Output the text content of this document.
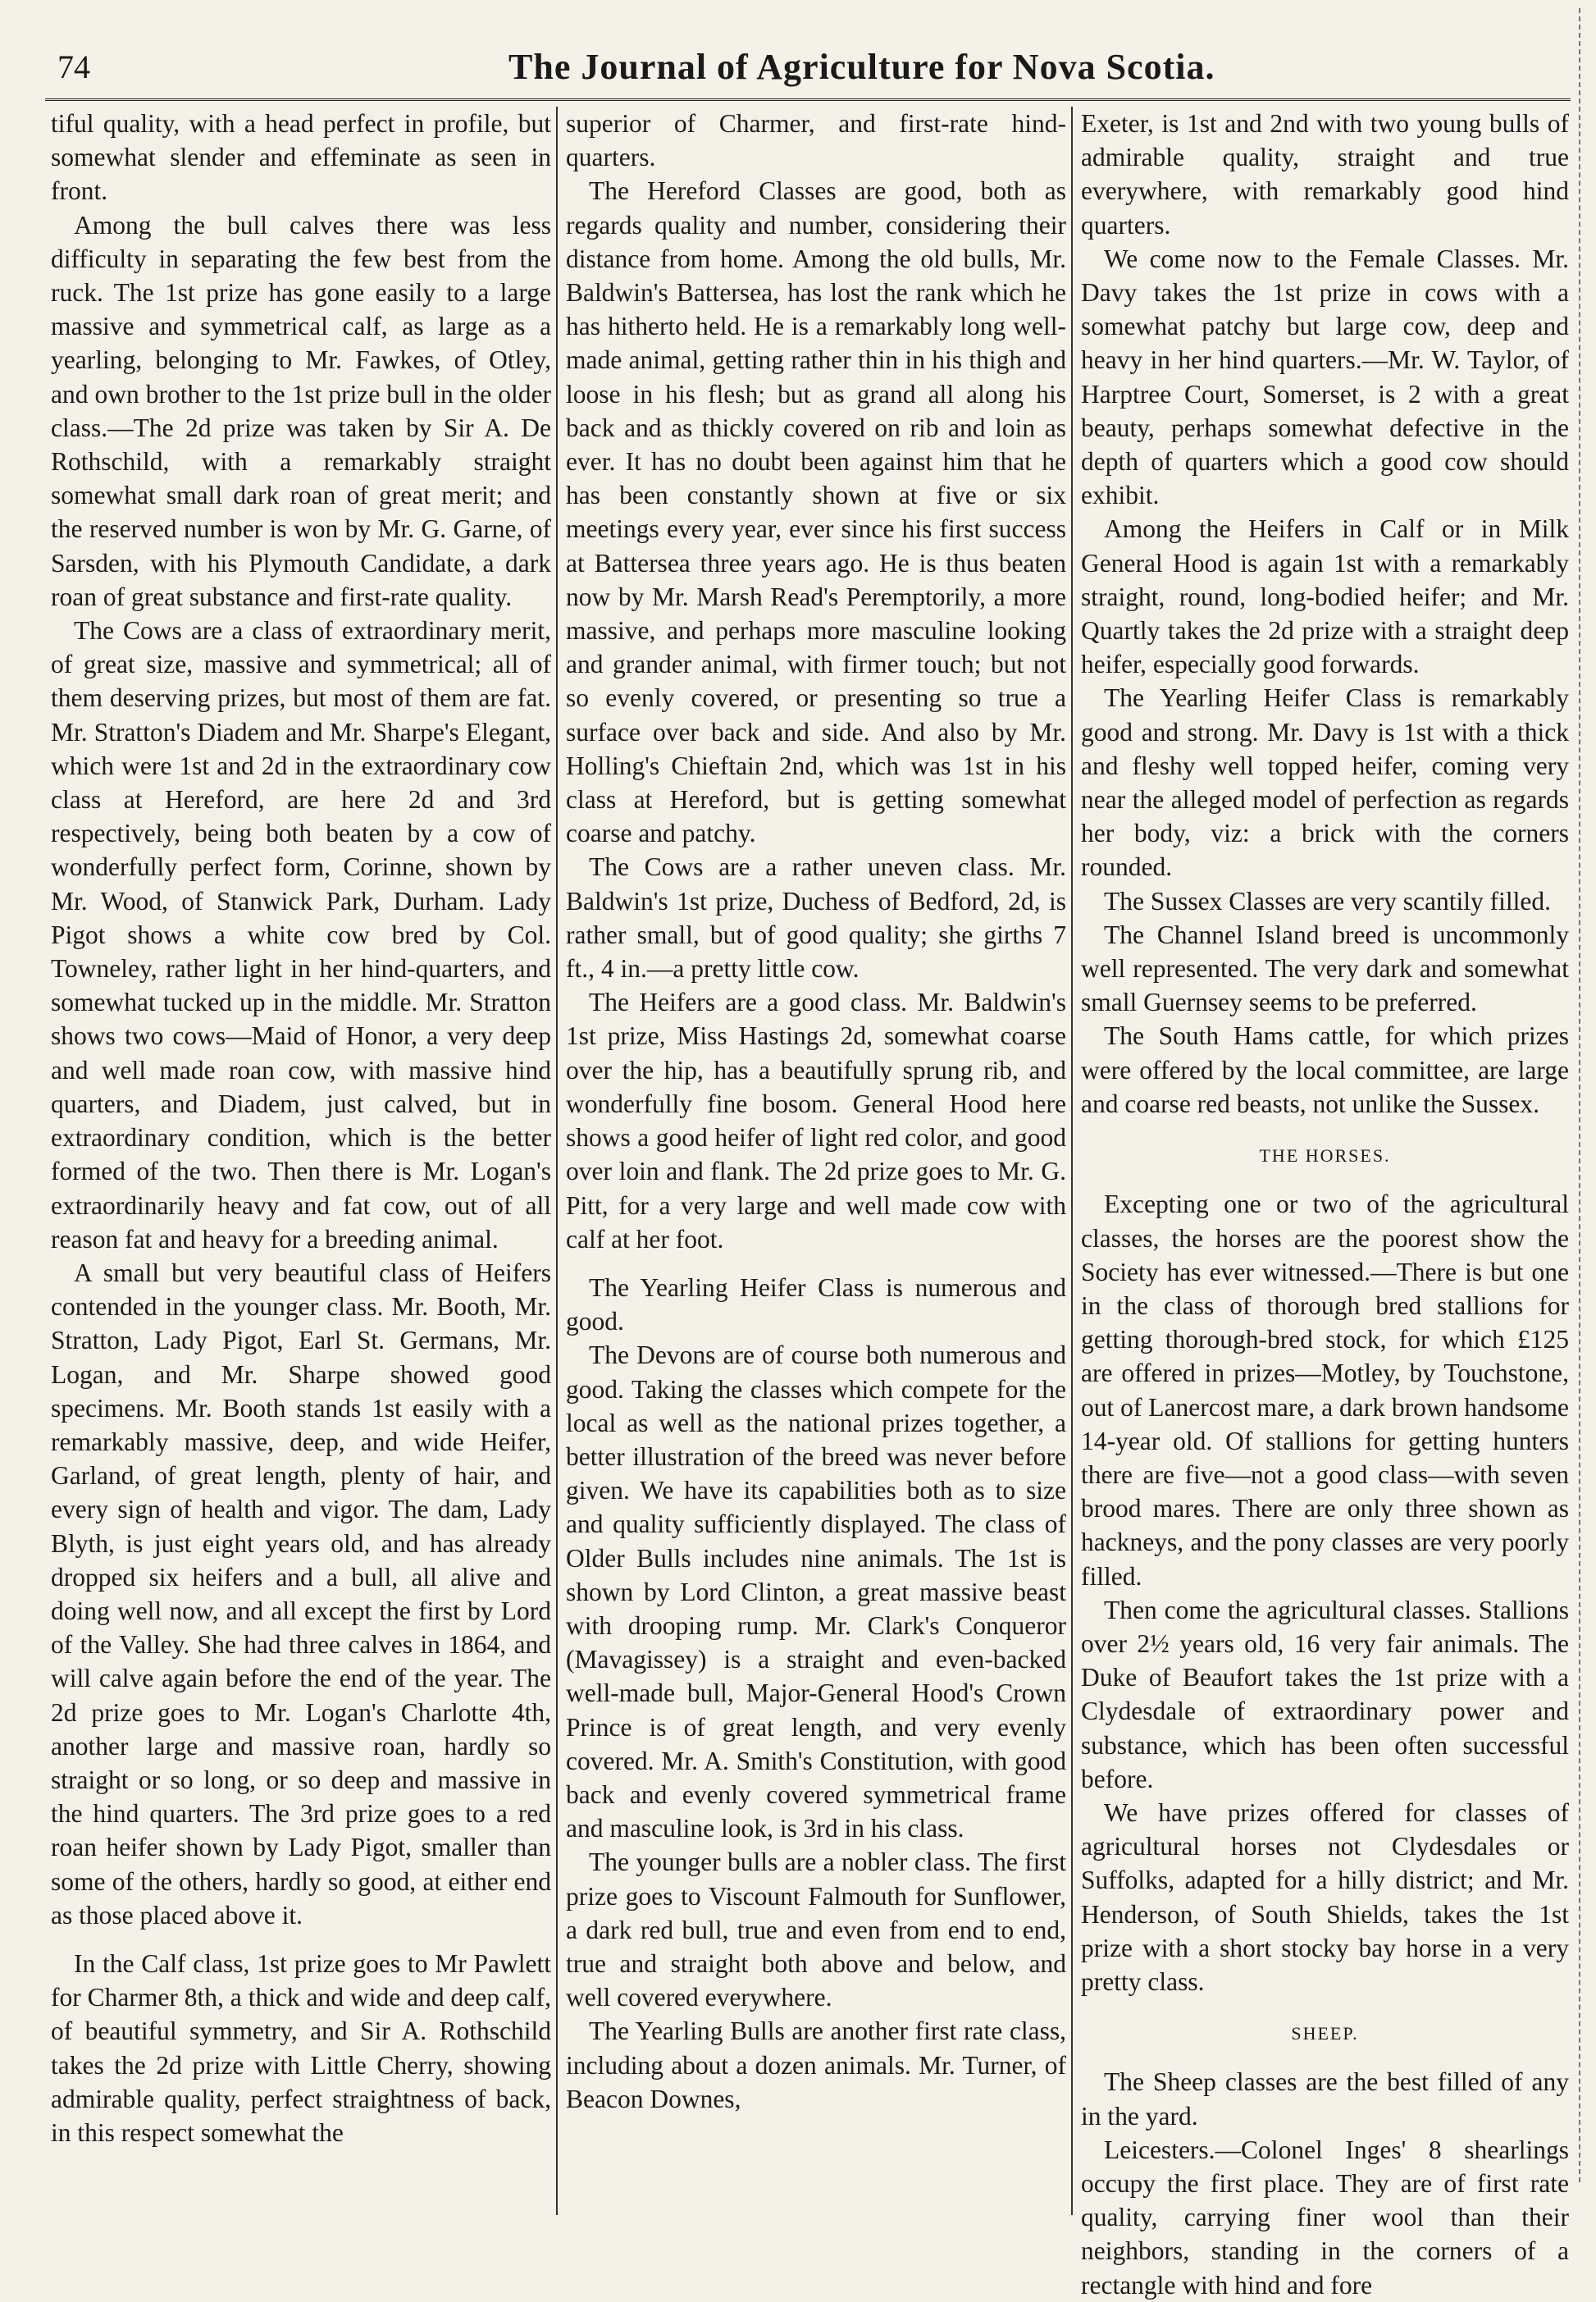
74	The Journal of Agriculture for Nova Scotia.

tiful quality, with a head perfect in profile, but somewhat slender and effeminate as seen in front.

Among the bull calves there was less difficulty in separating the few best from the ruck. The 1st prize has gone easily to a large massive and symmetrical calf, as large as a yearling, belonging to Mr. Fawkes, of Otley, and own brother to the 1st prize bull in the older class.—The 2d prize was taken by Sir A. De Rothschild, with a remarkably straight somewhat small dark roan of great merit; and the reserved number is won by Mr. G. Garne, of Sarsden, with his Plymouth Candidate, a dark roan of great substance and first-rate quality.

The Cows are a class of extraordinary merit, of great size, massive and symmetrical; all of them deserving prizes, but most of them are fat. Mr. Stratton's Diadem and Mr. Sharpe's Elegant, which were 1st and 2d in the extraordinary cow class at Hereford, are here 2d and 3rd respectively, being both beaten by a cow of wonderfully perfect form, Corinne, shown by Mr. Wood, of Stanwick Park, Durham. Lady Pigot shows a white cow bred by Col. Towneley, rather light in her hind-quarters, and somewhat tucked up in the middle. Mr. Stratton shows two cows—Maid of Honor, a very deep and well made roan cow, with massive hind quarters, and Diadem, just calved, but in extraordinary condition, which is the better formed of the two. Then there is Mr. Logan's extraordinarily heavy and fat cow, out of all reason fat and heavy for a breeding animal.

A small but very beautiful class of Heifers contended in the younger class. Mr. Booth, Mr. Stratton, Lady Pigot, Earl St. Germans, Mr. Logan, and Mr. Sharpe showed good specimens. Mr. Booth stands 1st easily with a remarkably massive, deep, and wide Heifer, Garland, of great length, plenty of hair, and every sign of health and vigor. The dam, Lady Blyth, is just eight years old, and has already dropped six heifers and a bull, all alive and doing well now, and all except the first by Lord of the Valley. She had three calves in 1864, and will calve again before the end of the year. The 2d prize goes to Mr. Logan's Charlotte 4th, another large and massive roan, hardly so straight or so long, or so deep and massive in the hind quarters. The 3rd prize goes to a red roan heifer shown by Lady Pigot, smaller than some of the others, hardly so good, at either end as those placed above it.

In the Calf class, 1st prize goes to Mr Pawlett for Charmer 8th, a thick and wide and deep calf, of beautiful symmetry, and Sir A. Rothschild takes the 2d prize with Little Cherry, showing admirable quality, perfect straightness of back, in this respect somewhat the

superior of Charmer, and first-rate hind-quarters.

The Hereford Classes are good, both as regards quality and number, considering their distance from home. Among the old bulls, Mr. Baldwin's Battersea, has lost the rank which he has hitherto held. He is a remarkably long well-made animal, getting rather thin in his thigh and loose in his flesh; but as grand all along his back and as thickly covered on rib and loin as ever. It has no doubt been against him that he has been constantly shown at five or six meetings every year, ever since his first success at Battersea three years ago. He is thus beaten now by Mr. Marsh Read's Peremptorily, a more massive, and perhaps more masculine looking and grander animal, with firmer touch; but not so evenly covered, or presenting so true a surface over back and side. And also by Mr. Holling's Chieftain 2nd, which was 1st in his class at Hereford, but is getting somewhat coarse and patchy.

The Cows are a rather uneven class. Mr. Baldwin's 1st prize, Duchess of Bedford, 2d, is rather small, but of good quality; she girths 7 ft., 4 in.—a pretty little cow.

The Heifers are a good class. Mr. Baldwin's 1st prize, Miss Hastings 2d, somewhat coarse over the hip, has a beautifully sprung rib, and wonderfully fine bosom. General Hood here shows a good heifer of light red color, and good over loin and flank. The 2d prize goes to Mr. G. Pitt, for a very large and well made cow with calf at her foot.

The Yearling Heifer Class is numerous and good.

The Devons are of course both numerous and good. Taking the classes which compete for the local as well as the national prizes together, a better illustration of the breed was never before given. We have its capabilities both as to size and quality sufficiently displayed. The class of Older Bulls includes nine animals. The 1st is shown by Lord Clinton, a great massive beast with drooping rump. Mr. Clark's Conqueror (Mavagissey) is a straight and even-backed well-made bull, Major-General Hood's Crown Prince is of great length, and very evenly covered. Mr. A. Smith's Constitution, with good back and evenly covered symmetrical frame and masculine look, is 3rd in his class.

The younger bulls are a nobler class. The first prize goes to Viscount Falmouth for Sunflower, a dark red bull, true and even from end to end, true and straight both above and below, and well covered everywhere.

The Yearling Bulls are another first rate class, including about a dozen animals. Mr. Turner, of Beacon Downes,

Exeter, is 1st and 2nd with two young bulls of admirable quality, straight and true everywhere, with remarkably good hind quarters.

We come now to the Female Classes. Mr. Davy takes the 1st prize in cows with a somewhat patchy but large cow, deep and heavy in her hind quarters.—Mr. W. Taylor, of Harptree Court, Somerset, is 2 with a great beauty, perhaps somewhat defective in the depth of quarters which a good cow should exhibit.

Among the Heifers in Calf or in Milk General Hood is again 1st with a remarkably straight, round, long-bodied heifer; and Mr. Quartly takes the 2d prize with a straight deep heifer, especially good forwards.

The Yearling Heifer Class is remarkably good and strong. Mr. Davy is 1st with a thick and fleshy well topped heifer, coming very near the alleged model of perfection as regards her body, viz: a brick with the corners rounded.

The Sussex Classes are very scantily filled.

The Channel Island breed is uncommonly well represented. The very dark and somewhat small Guernsey seems to be preferred.

The South Hams cattle, for which prizes were offered by the local committee, are large and coarse red beasts, not unlike the Sussex.

THE HORSES.

Excepting one or two of the agricultural classes, the horses are the poorest show the Society has ever witnessed.—There is but one in the class of thorough bred stallions for getting thorough-bred stock, for which £125 are offered in prizes—Motley, by Touchstone, out of Lanercost mare, a dark brown handsome 14-year old. Of stallions for getting hunters there are five—not a good class—with seven brood mares. There are only three shown as hackneys, and the pony classes are very poorly filled.

Then come the agricultural classes. Stallions over 2½ years old, 16 very fair animals. The Duke of Beaufort takes the 1st prize with a Clydesdale of extraordinary power and substance, which has been often successful before.

We have prizes offered for classes of agricultural horses not Clydesdales or Suffolks, adapted for a hilly district; and Mr. Henderson, of South Shields, takes the 1st prize with a short stocky bay horse in a very pretty class.

SHEEP.

The Sheep classes are the best filled of any in the yard.

Leicesters.—Colonel Inges' 8 shearlings occupy the first place. They are of first rate quality, carrying finer wool than their neighbors, standing in the corners of a rectangle with hind and fore
